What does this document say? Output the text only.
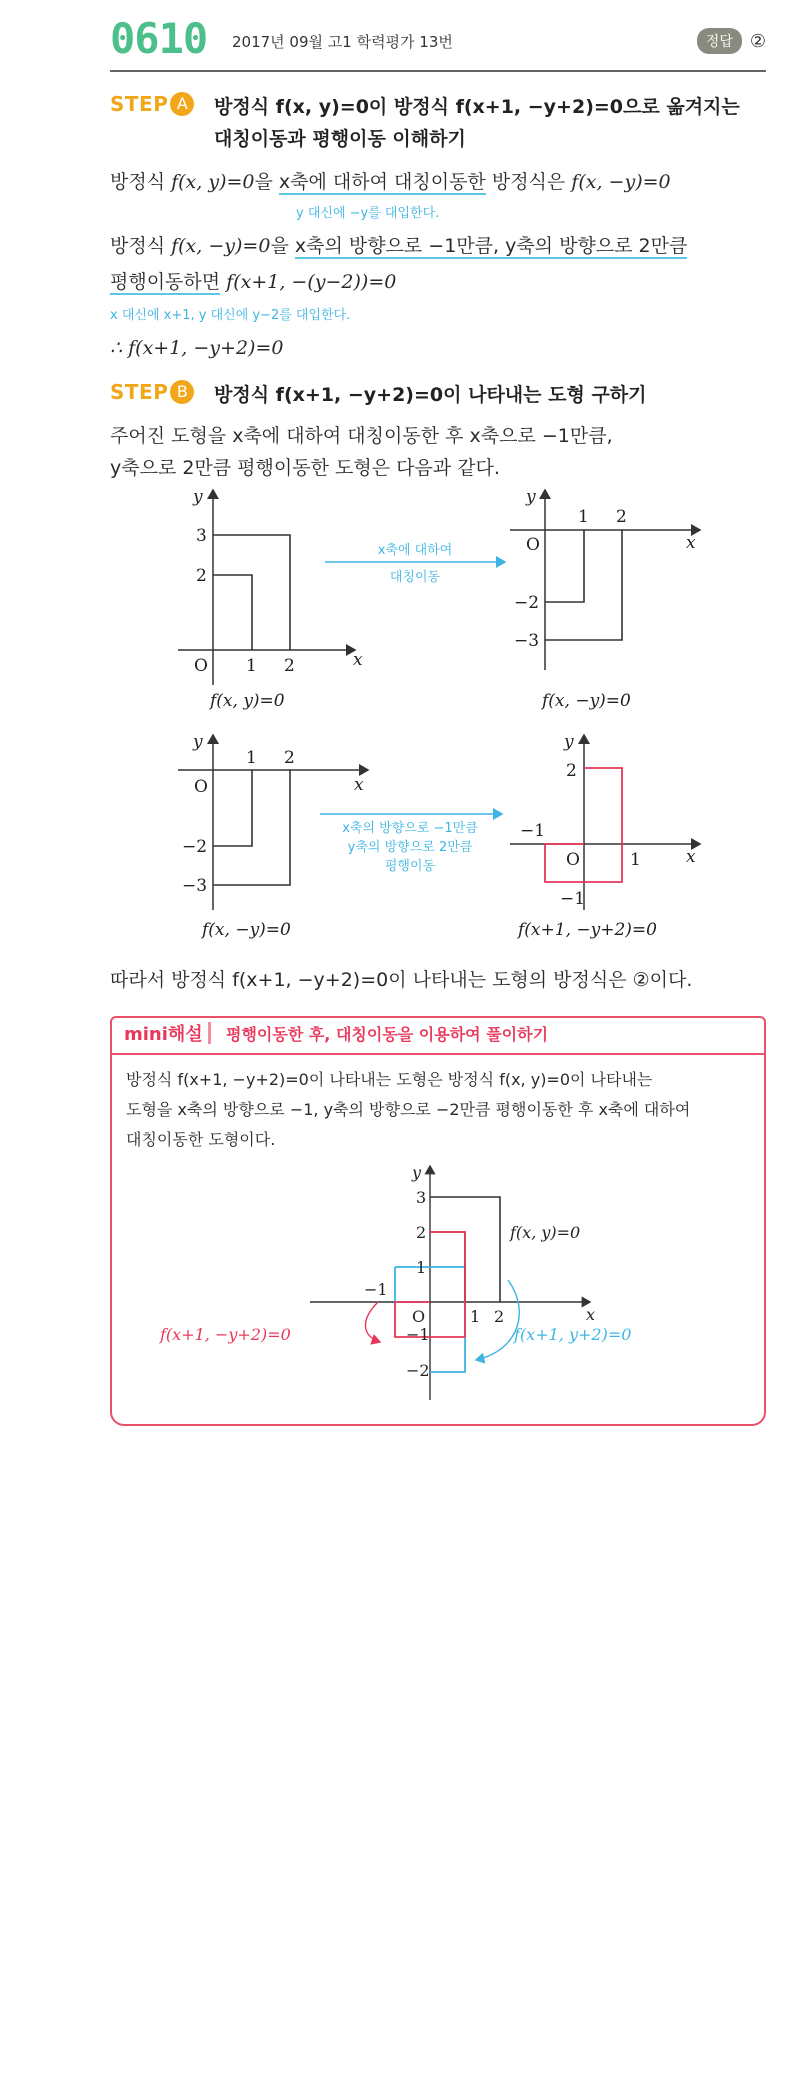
0610 2017년 09월 고1 학력평가 13번	정답 ②
STEP A	방정식 f(x, y)=0이 방정식 f(x+1, −y+2)=0으로 옮겨지는
대칭이동과 평행이동 이해하기
방정식 f(x, y)=0을 x축에 대하여 대칭이동한 방정식은 f(x, −y)=0
y 대신에 −y를 대입한다.
방정식 f(x, −y)=0을 x축의 방향으로 −1만큼, y축의 방향으로 2만큼
평행이동하면 f(x+1, −(y−2))=0
x 대신에 x+1, y 대신에 y−2를 대입한다.
∴ f(x+1, −y+2)=0
STEP B	방정식 f(x+1, −y+2)=0이 나타내는 도형 구하기
주어진 도형을 x축에 대하여 대칭이동한 후 x축으로 −1만큼,
y축으로 2만큼 평행이동한 도형은 다음과 같다.
x
y
O 1 2
3
2
x축에 대하여
대칭이동
x
y
O
1 2
−2
−3
f(x, y)=0	f(x, −y)=0
x
y
O
1 2
−2
−3
x축의 방향으로 −1만큼
y축의 방향으로 2만큼
평행이동	x
y
O	1
2
−1
−1
f(x, −y)=0	f(x+1, −y+2)=0
따라서 방정식 f(x+1, −y+2)=0이 나타내는 도형의 방정식은 ②이다.
mini해설 평행이동한 후, 대칭이동을 이용하여 풀이하기
방정식 f(x+1, −y+2)=0이 나타내는 도형은 방정식 f(x, y)=0이 나타내는
도형을 x축의 방향으로 −1, y축의 방향으로 −2만큼 평행이동한 후 x축에 대하여
대칭이동한 도형이다.
x
y
O
3
2
1
−1
−1
−2
1 2
f(x, y)=0
f(x+1, −y+2)=0	f(x+1, y+2)=0
